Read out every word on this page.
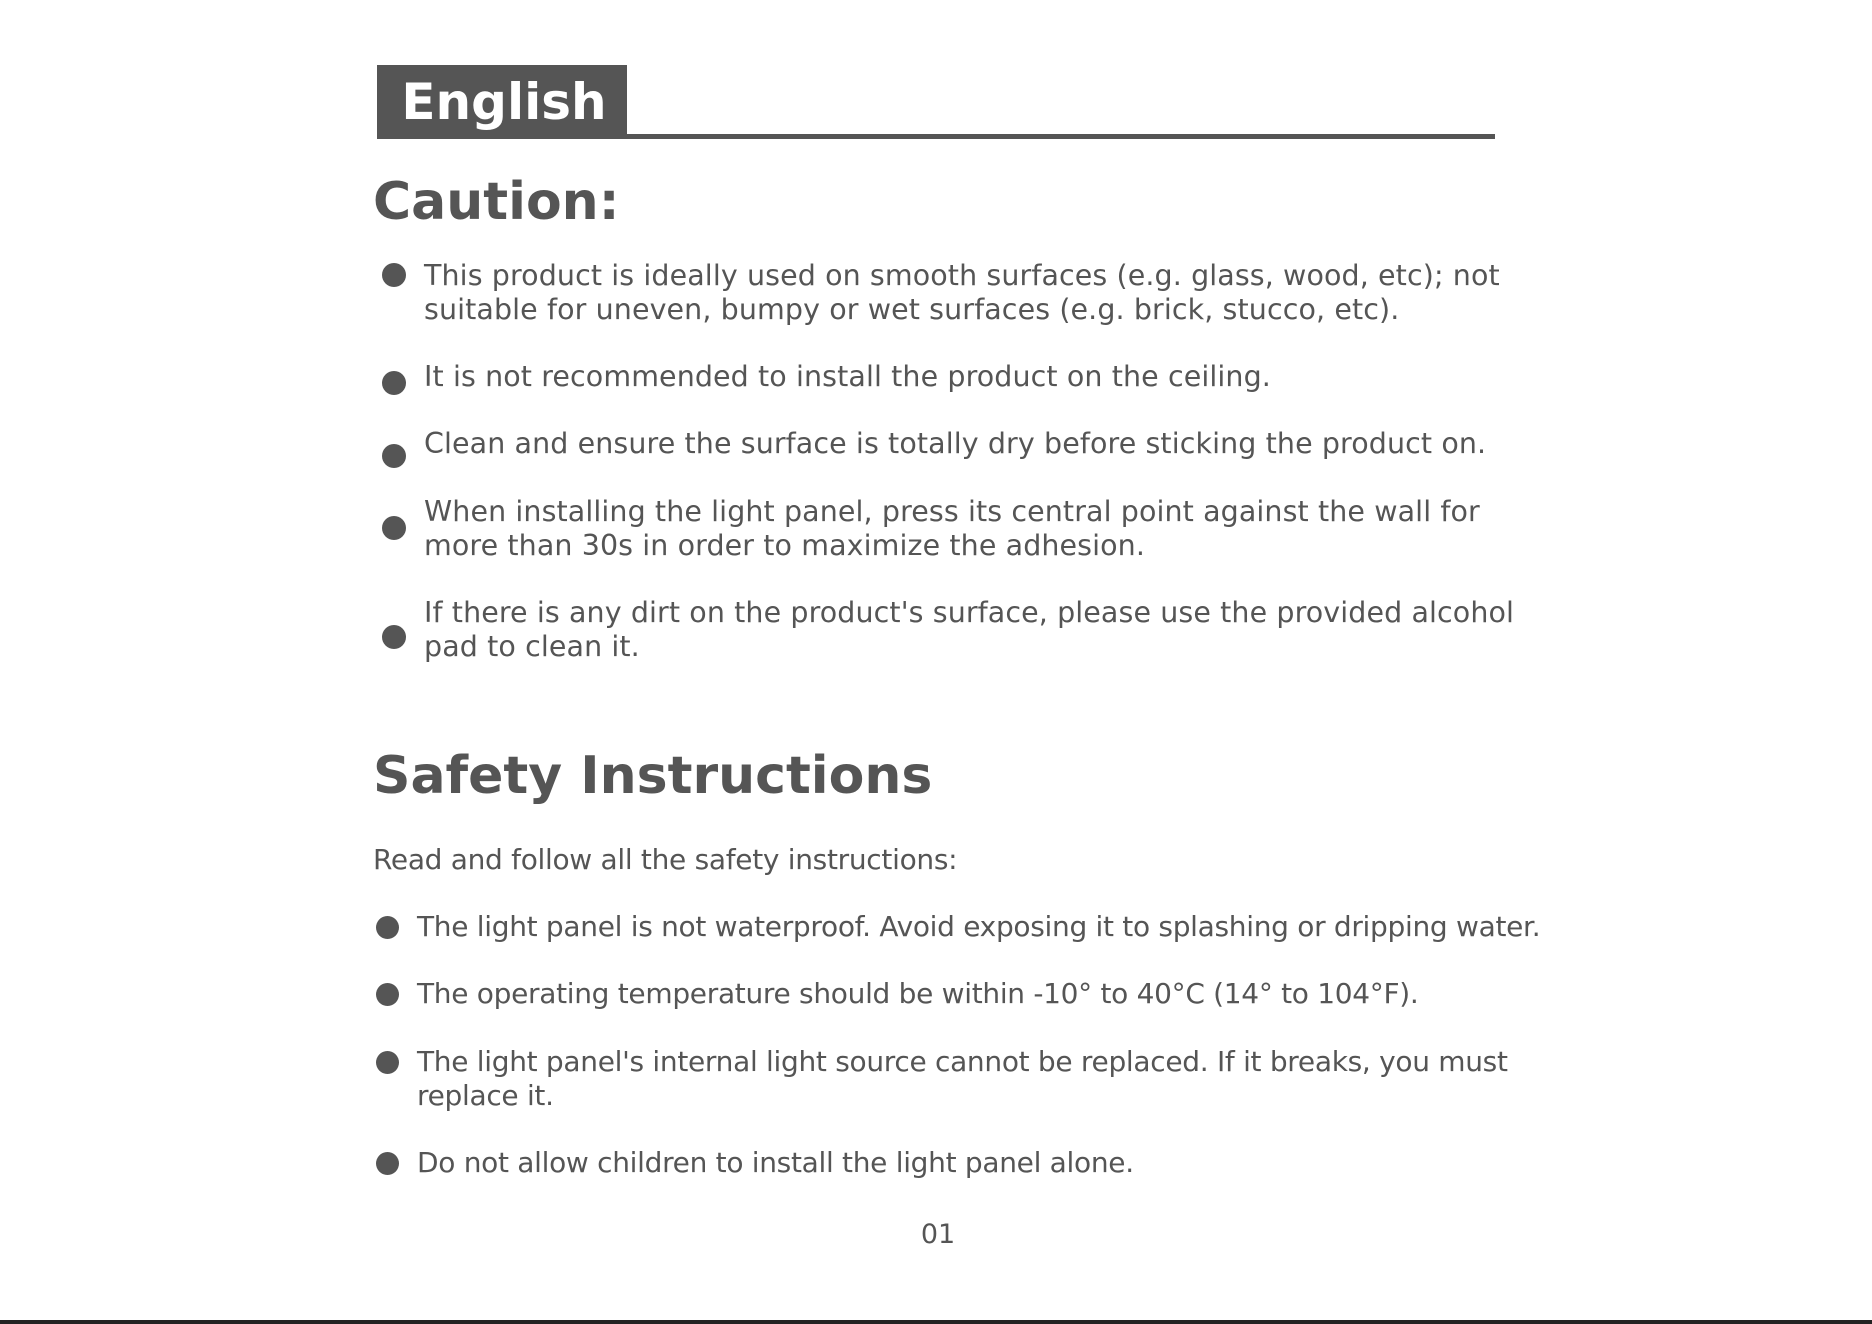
English
Caution:
This product is ideally used on smooth surfaces (e.g. glass, wood, etc); not
suitable for uneven, bumpy or wet surfaces (e.g. brick, stucco, etc).
It is not recommended to install the product on the ceiling.
Clean and ensure the surface is totally dry before sticking the product on.
When installing the light panel, press its central point against the wall for
more than 30s in order to maximize the adhesion.
If there is any dirt on the product's surface, please use the provided alcohol
pad to clean it.
Safety Instructions

Read and follow all the safety instructions:

The light panel is not waterproof. Avoid exposing it to splashing or dripping water.
The operating temperature should be within -10° to 40°C (14° to 104°F).
The light panel's internal light source cannot be replaced. If it breaks, you must
replace it.
Do not allow children to install the light panel alone.
01
